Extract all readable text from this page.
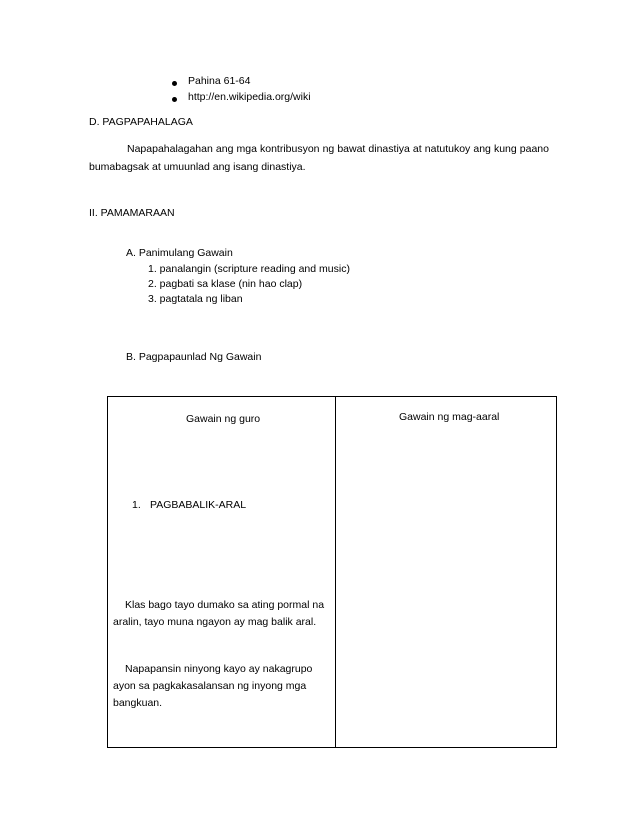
Pahina 61-64
http://en.wikipedia.org/wiki
D. PAGPAPAHALAGA
Napapahalagahan ang mga kontribusyon ng bawat dinastiya at natutukoy ang kung paano bumabagsak at umuunlad ang isang dinastiya.
II. PAMAMARAAN
A. Panimulang Gawain
1. panalangin (scripture reading and music)
2. pagbati sa klase (nin hao clap)
3. pagtatala ng liban
B. Pagpapaunlad Ng Gawain
Gawain ng guro	Gawain ng mag-aaral
1. PAGBABALIK-ARAL
Klas bago tayo dumako sa ating pormal na aralin, tayo muna ngayon ay mag balik aral.
Napapansin ninyong kayo ay nakagrupo ayon sa pagkakasalansan ng inyong mga bangkuan.
